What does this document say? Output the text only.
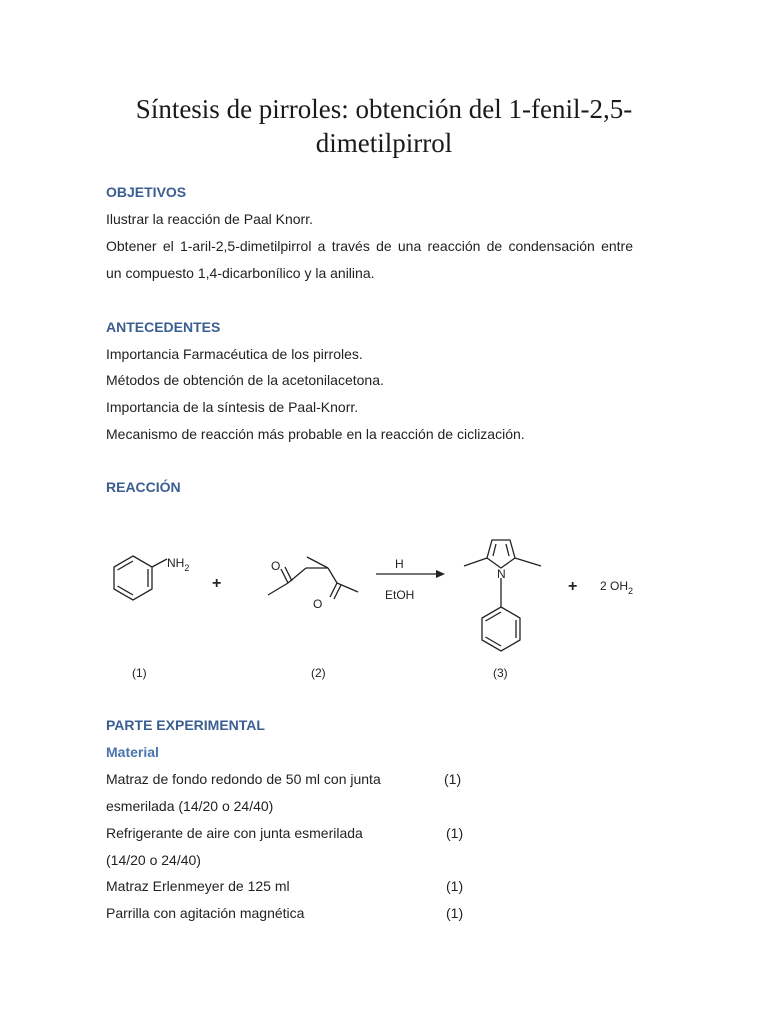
Síntesis de pirroles: obtención del 1-fenil-2,5-
dimetilpirrol
OBJETIVOS
Ilustrar la reacción de Paal Knorr.
Obtener el 1-aril-2,5-dimetilpirrol a través de una reacción de condensación entre
un compuesto 1,4-dicarbonílico y la anilina.
ANTECEDENTES
Importancia Farmacéutica de los pirroles.
Métodos de obtención de la acetonilacetona.
Importancia de la síntesis de Paal-Knorr.
Mecanismo de reacción más probable en la reacción de ciclización.
REACCIÓN
$NH_2$
+
O
O
H
EtOH
N
+ 2 $OH_2$
(1)	(2)	(3)
PARTE EXPERIMENTAL
Material
Matraz de fondo redondo de 50 ml con junta	(1)
esmerilada (14/20 o 24/40)
Refrigerante de aire con junta esmerilada	(1)
(14/20 o 24/40)
Matraz Erlenmeyer de 125 ml	(1)
Parrilla con agitación magnética	(1)
